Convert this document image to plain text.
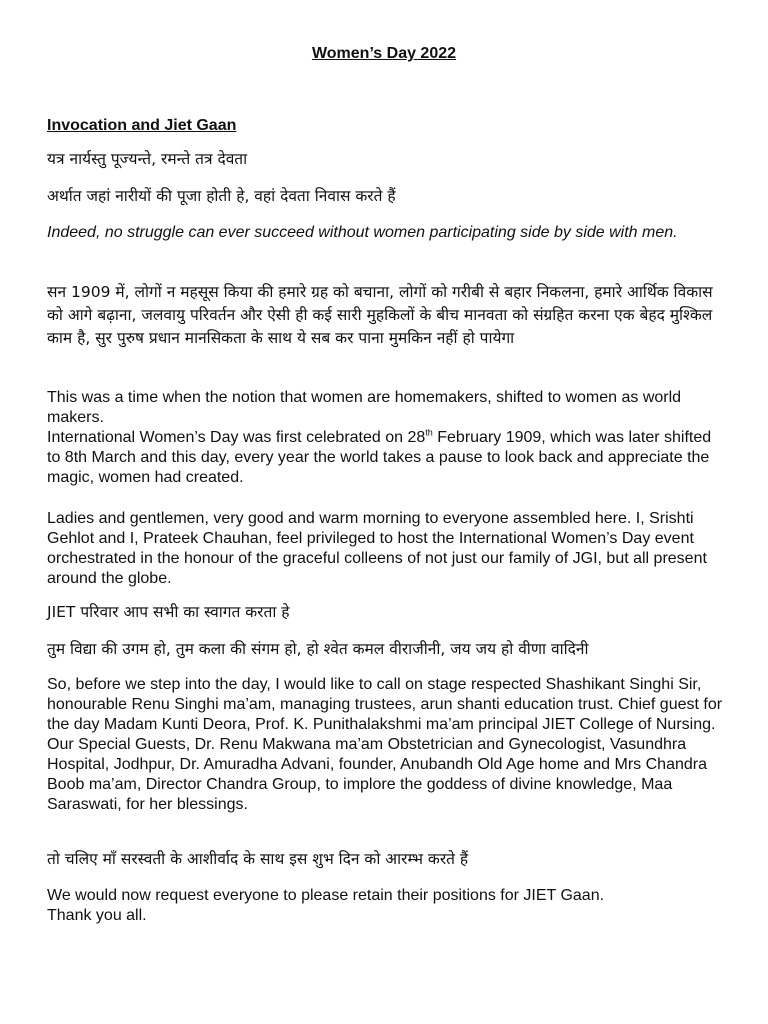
Women’s Day 2022

Invocation and Jiet Gaan

यत्र नार्यस्तु पूज्यन्ते, रमन्ते तत्र देवता

अर्थात जहां नारीयों की पूजा होती हे, वहां देवता निवास करते हैं

Indeed, no struggle can ever succeed without women participating side by side with men.

सन 1909 में, लोगों न महसूस किया की हमारे ग्रह को बचाना, लोगों को गरीबी से बहार निकलना, हमारे आर्थिक विकास को आगे बढ़ाना, जलवायु परिवर्तन और ऐसी ही कई सारी मुहकिलों के बीच मानवता को संग्रहित करना एक बेहद मुश्किल काम है, सुर पुरुष प्रधान मानसिकता के साथ ये सब कर पाना मुमकिन नहीं हो पायेगा

This was a time when the notion that women are homemakers, shifted to women as world makers.
International Women’s Day was first celebrated on 28th February 1909, which was later shifted to 8th March and this day, every year the world takes a pause to look back and appreciate the magic, women had created.

Ladies and gentlemen, very good and warm morning to everyone assembled here. I, Srishti Gehlot and I, Prateek Chauhan, feel privileged to host the International Women’s Day event orchestrated in the honour of the graceful colleens of not just our family of JGI, but all present around the globe.

JIET परिवार आप सभी का स्वागत करता हे

तुम विद्या की उगम हो, तुम कला की संगम हो, हो श्वेत कमल वीराजीनी, जय जय हो वीणा वादिनी

So, before we step into the day, I would like to call on stage respected Shashikant Singhi Sir, honourable Renu Singhi ma’am, managing trustees, arun shanti education trust. Chief guest for the day Madam Kunti Deora, Prof. K. Punithalakshmi ma’am principal JIET College of Nursing. Our Special Guests, Dr. Renu Makwana ma’am Obstetrician and Gynecologist, Vasundhra Hospital, Jodhpur, Dr. Amuradha Advani, founder, Anubandh Old Age home and Mrs Chandra Boob ma’am, Director Chandra Group, to implore the goddess of divine knowledge, Maa Saraswati, for her blessings.

तो चलिए माँ सरस्वती के आशीर्वाद के साथ इस शुभ दिन को आरम्भ करते हैं

We would now request everyone to please retain their positions for JIET Gaan.
Thank you all.
